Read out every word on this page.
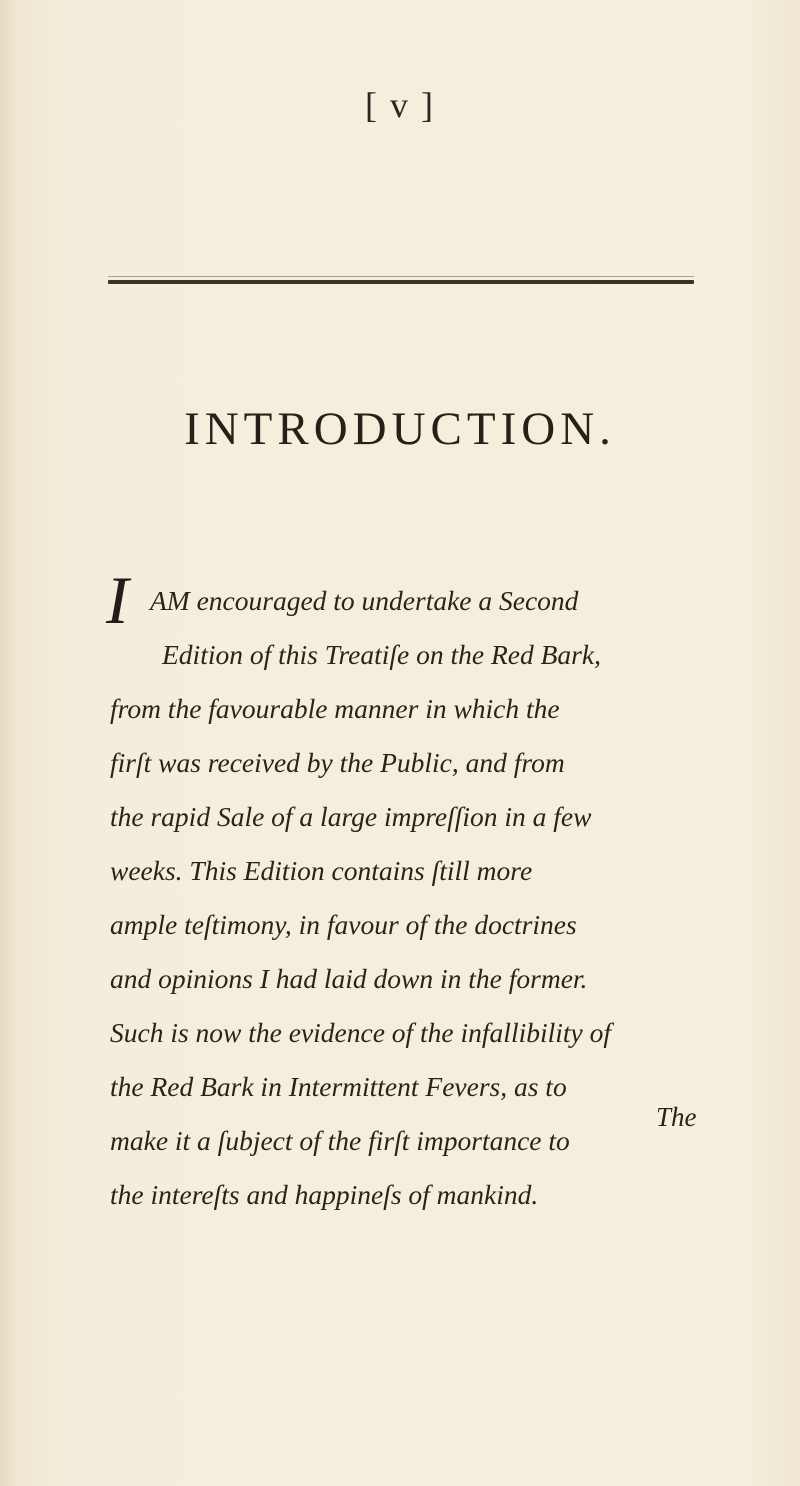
[ v ]
INTRODUCTION.
I AM encouraged to undertake a Second
Edition of this Treatiſe on the Red Bark,
from the favourable manner in which the
firſt was received by the Public, and from
the rapid Sale of a large impreſſion in a few
weeks. This Edition contains ſtill more
ample teſtimony, in favour of the doctrines
and opinions I had laid down in the former.
Such is now the evidence of the infallibility of
the Red Bark in Intermittent Fevers, as to
make it a ſubject of the firſt importance to
the intereſts and happineſs of mankind.
The
